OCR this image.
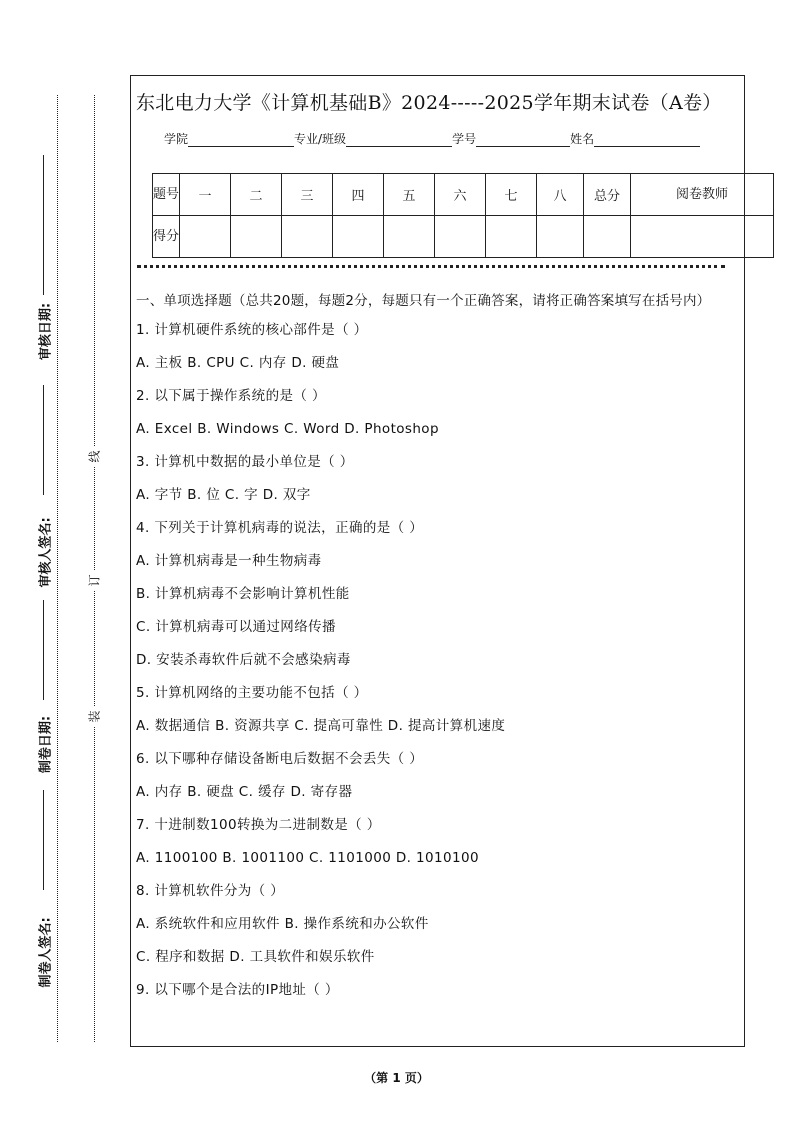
审核日期:
审核人签名:
制卷日期:
制卷人签名:
线
订
装
东北电力大学《计算机基础B》2024-----2025学年期末试卷（A卷）
学院	专业/班级	学号	姓名
题号	一	二	三	四	五	六	七	八	总分	阅卷教师
得分										
一、单项选择题（总共20题，每题2分，每题只有一个正确答案，请将正确答案填写在括号内）
1. 计算机硬件系统的核心部件是（ ）
A. 主板 B. CPU C. 内存 D. 硬盘
2. 以下属于操作系统的是（ ）
A. Excel B. Windows C. Word D. Photoshop
3. 计算机中数据的最小单位是（ ）
A. 字节 B. 位 C. 字 D. 双字
4. 下列关于计算机病毒的说法，正确的是（ ）
A. 计算机病毒是一种生物病毒
B. 计算机病毒不会影响计算机性能
C. 计算机病毒可以通过网络传播
D. 安装杀毒软件后就不会感染病毒
5. 计算机网络的主要功能不包括（ ）
A. 数据通信 B. 资源共享 C. 提高可靠性 D. 提高计算机速度
6. 以下哪种存储设备断电后数据不会丢失（ ）
A. 内存 B. 硬盘 C. 缓存 D. 寄存器
7. 十进制数100转换为二进制数是（ ）
A. 1100100 B. 1001100 C. 1101000 D. 1010100
8. 计算机软件分为（ ）
A. 系统软件和应用软件 B. 操作系统和办公软件
C. 程序和数据 D. 工具软件和娱乐软件
9. 以下哪个是合法的IP地址（ ）
（第 1 页）
